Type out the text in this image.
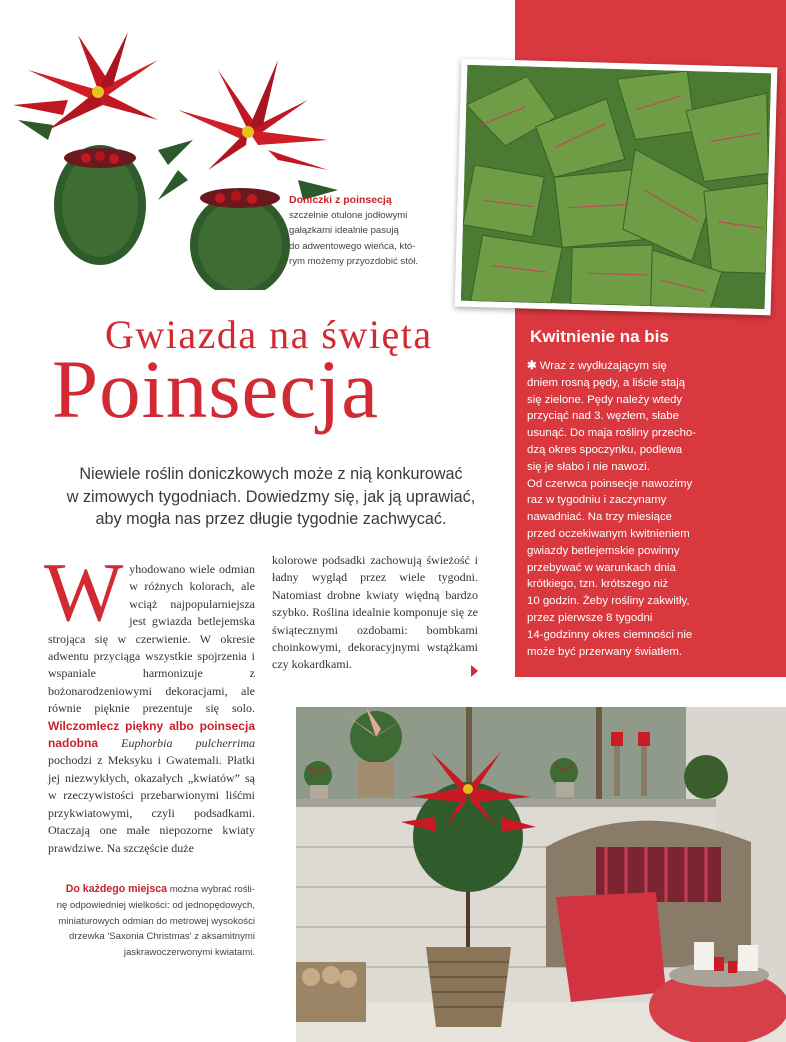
Doniczki z poinsecją
szczelnie otulone jodłowymi
gałązkami idealnie pasują
do adwentowego wieńca, któ-
rym możemy przyozdobić stół.
Gwiazda na święta
Poinsecja
Niewiele roślin doniczkowych może z nią konkurować
w zimowych tygodniach. Dowiedzmy się, jak ją uprawiać,
aby mogła nas przez długie tygodnie zachwycać.
Wyhodowano wiele odmian w różnych kolorach, ale wciąż najpopularniejsza jest gwiazda betlejemska strojąca się w czerwienie. W okresie adwentu przyciąga wszystkie spojrzenia i wspaniale harmonizuje z bożonarodzeniowymi dekoracjami, ale równie pięknie prezentuje się solo. Wilczomlecz piękny albo poinsecja nadobna Euphorbia pulcherrima pochodzi z Meksyku i Gwatemali. Płatki jej niezwykłych, okazałych „kwiatów” są w rzeczywistości przebarwionymi liśćmi przykwiatowymi, czyli podsadkami. Otaczają one małe niepozorne kwiaty prawdziwe. Na szczęście duże
kolorowe podsadki zachowują świeżość i ładny wygląd przez wiele tygodni. Natomiast drobne kwiaty więdną bardzo szybko. Roślina idealnie komponuje się ze świątecznymi ozdobami: bombkami choinkowymi, dekoracyjnymi wstążkami czy kokardkami.
Do każdego miejsca można wybrać rośli-
nę odpowiedniej wielkości: od jednopędowych,
miniaturowych odmian do metrowej wysokości
drzewka 'Saxonia Christmas' z aksamitnymi
jaskrawoczerwonymi kwiatami.
Kwitnienie na bis
✱ Wraz z wydłużającym się
dniem rosną pędy, a liście stają
się zielone. Pędy należy wtedy
przyciąć nad 3. węzłem, słabe
usunąć. Do maja rośliny przecho-
dzą okres spoczynku, podlewa
się je słabo i nie nawozi.
Od czerwca poinsecje nawozimy
raz w tygodniu i zaczynamy
nawadniać. Na trzy miesiące
przed oczekiwanym kwitnieniem
gwiazdy betlejemskie powinny
przebywać w warunkach dnia
krótkiego, tzn. krótszego niż
10 godzin. Żeby rośliny zakwitły,
przez pierwsze 8 tygodni
14-godzinny okres ciemności nie
może być przerwany światłem.
